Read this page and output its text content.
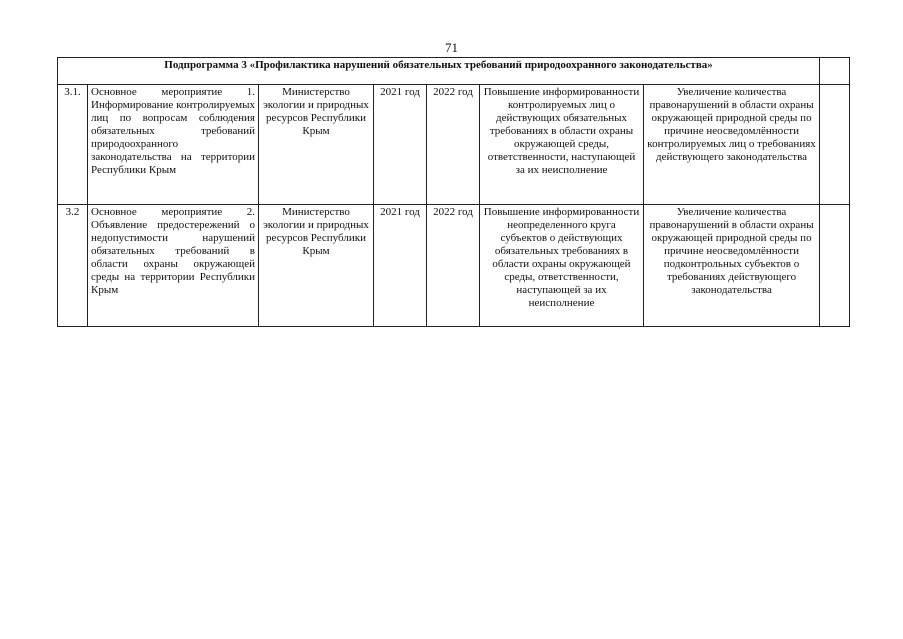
71
Подпрограмма 3 «Профилактика нарушений обязательных требований природоохранного законодательства»							
3.1.	Основное мероприятие 1. Информирование контролируемых лиц по вопросам соблюдения обязательных требований природоохранного законодательства на территории Республики Крым	Министерство экологии и природных ресурсов Республики Крым	2021 год	2022 год	Повышение информированности контролируемых лиц о действующих обязательных требованиях в области охраны окружающей среды, ответственности, наступающей за их неисполнение	Увеличение количества правонарушений в области охраны окружающей природной среды по причине неосведомлённости контролируемых лиц о требованиях действующего законодательства	
3.2	Основное мероприятие 2. Объявление предостережений о недопустимости нарушений обязательных требований в области охраны окружающей среды на территории Республики Крым	Министерство экологии и природных ресурсов Республики Крым	2021 год	2022 год	Повышение информированности неопределенного круга субъектов о действующих обязательных требованиях в области охраны окружающей среды, ответственности, наступающей за их неисполнение	Увеличение количества правонарушений в области охраны окружающей природной среды по причине неосведомлённости подконтрольных субъектов о требованиях действующего законодательства	
